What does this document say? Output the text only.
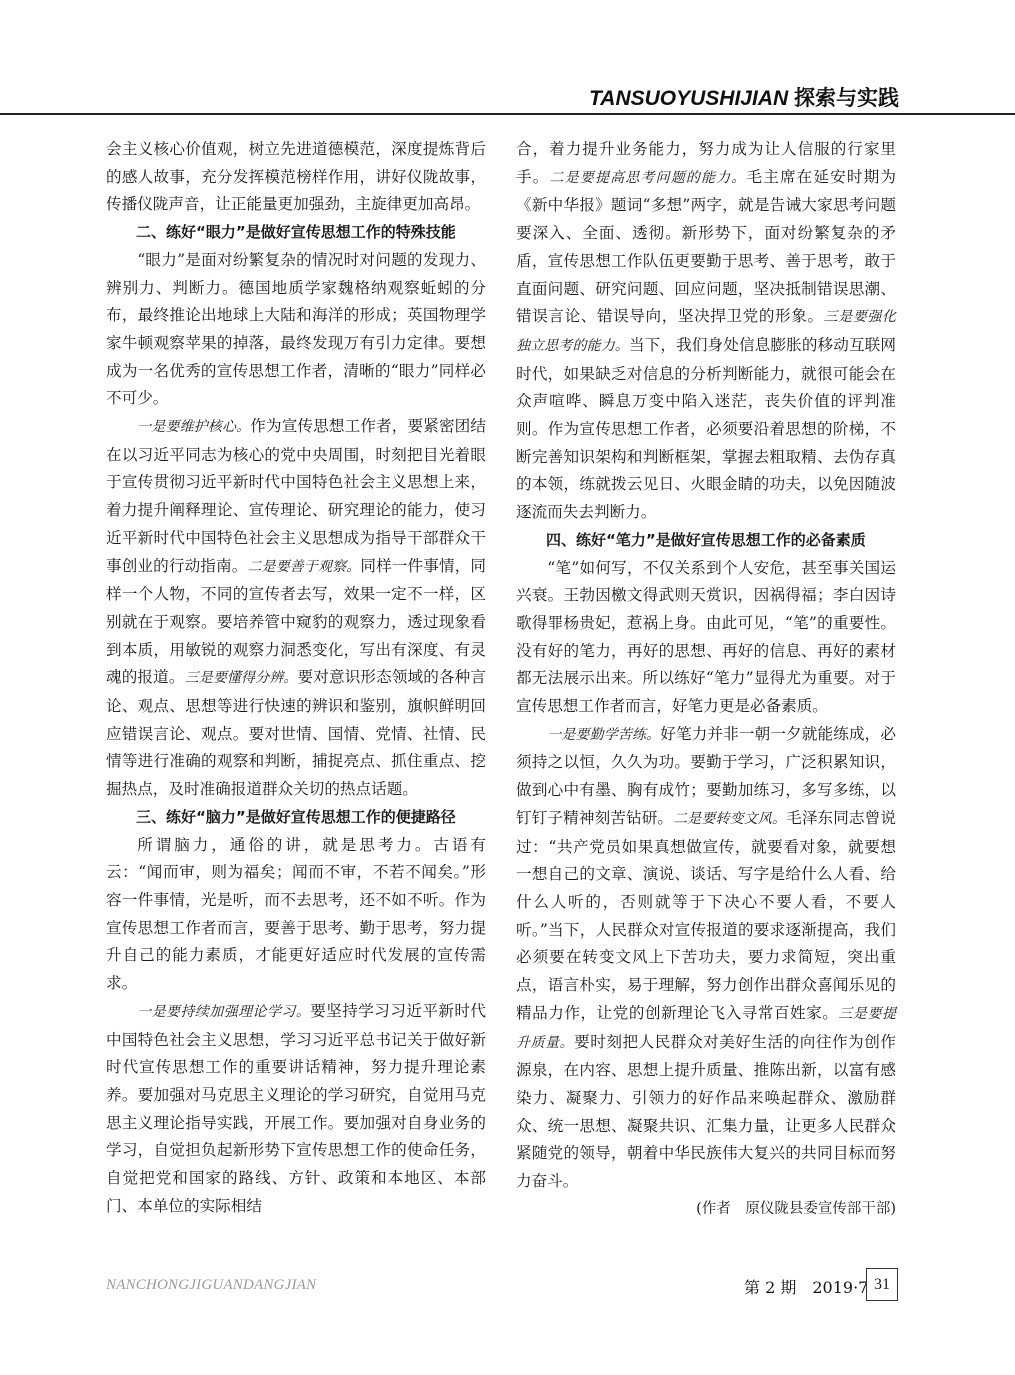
TANSUOYUSHIJIAN 探索与实践

会主义核心价值观，树立先进道德模范，深度提炼背后的感人故事，充分发挥模范榜样作用，讲好仪陇故事，传播仪陇声音，让正能量更加强劲，主旋律更加高昂。

二、练好“眼力”是做好宣传思想工作的特殊技能

“眼力”是面对纷繁复杂的情况时对问题的发现力、辨别力、判断力。德国地质学家魏格纳观察蚯蚓的分布，最终推论出地球上大陆和海洋的形成；英国物理学家牛顿观察苹果的掉落，最终发现万有引力定律。要想成为一名优秀的宣传思想工作者，清晰的“眼力”同样必不可少。

一是要维护核心。作为宣传思想工作者，要紧密团结在以习近平同志为核心的党中央周围，时刻把目光着眼于宣传贯彻习近平新时代中国特色社会主义思想上来，着力提升阐释理论、宣传理论、研究理论的能力，使习近平新时代中国特色社会主义思想成为指导干部群众干事创业的行动指南。二是要善于观察。同样一件事情，同样一个人物，不同的宣传者去写，效果一定不一样，区别就在于观察。要培养管中窥豹的观察力，透过现象看到本质，用敏锐的观察力洞悉变化，写出有深度、有灵魂的报道。三是要懂得分辨。要对意识形态领域的各种言论、观点、思想等进行快速的辨识和鉴别，旗帜鲜明回应错误言论、观点。要对世情、国情、党情、社情、民情等进行准确的观察和判断，捕捉亮点、抓住重点、挖掘热点，及时准确报道群众关切的热点话题。

三、练好“脑力”是做好宣传思想工作的便捷路径

所谓脑力，通俗的讲，就是思考力。古语有云：“闻而审，则为福矣；闻而不审，不若不闻矣。”形容一件事情，光是听，而不去思考，还不如不听。作为宣传思想工作者而言，要善于思考、勤于思考，努力提升自己的能力素质，才能更好适应时代发展的宣传需求。

一是要持续加强理论学习。要坚持学习习近平新时代中国特色社会主义思想，学习习近平总书记关于做好新时代宣传思想工作的重要讲话精神，努力提升理论素养。要加强对马克思主义理论的学习研究，自觉用马克思主义理论指导实践，开展工作。要加强对自身业务的学习，自觉担负起新形势下宣传思想工作的使命任务，自觉把党和国家的路线、方针、政策和本地区、本部门、本单位的实际相结

合，着力提升业务能力，努力成为让人信服的行家里手。二是要提高思考问题的能力。毛主席在延安时期为《新中华报》题词“多想”两字，就是告诫大家思考问题要深入、全面、透彻。新形势下，面对纷繁复杂的矛盾，宣传思想工作队伍更要勤于思考、善于思考，敢于直面问题、研究问题、回应问题，坚决抵制错误思潮、错误言论、错误导向，坚决捍卫党的形象。三是要强化独立思考的能力。当下，我们身处信息膨胀的移动互联网时代，如果缺乏对信息的分析判断能力，就很可能会在众声喧哗、瞬息万变中陷入迷茫，丧失价值的评判准则。作为宣传思想工作者，必须要沿着思想的阶梯，不断完善知识架构和判断框架，掌握去粗取精、去伪存真的本领，练就拨云见日、火眼金睛的功夫，以免因随波逐流而失去判断力。

四、练好“笔力”是做好宣传思想工作的必备素质

“笔”如何写，不仅关系到个人安危，甚至事关国运兴衰。王勃因檄文得武则天赏识，因祸得福；李白因诗歌得罪杨贵妃，惹祸上身。由此可见，“笔”的重要性。没有好的笔力，再好的思想、再好的信息、再好的素材都无法展示出来。所以练好“笔力”显得尤为重要。对于宣传思想工作者而言，好笔力更是必备素质。

一是要勤学苦练。好笔力并非一朝一夕就能练成，必须持之以恒，久久为功。要勤于学习，广泛积累知识，做到心中有墨、胸有成竹；要勤加练习，多写多练，以钉钉子精神刻苦钻研。二是要转变文风。毛泽东同志曾说过：“共产党员如果真想做宣传，就要看对象，就要想一想自己的文章、演说、谈话、写字是给什么人看、给什么人听的，否则就等于下决心不要人看，不要人听。”当下，人民群众对宣传报道的要求逐渐提高，我们必须要在转变文风上下苦功夫，要力求简短，突出重点，语言朴实，易于理解，努力创作出群众喜闻乐见的精品力作，让党的创新理论飞入寻常百姓家。三是要提升质量。要时刻把人民群众对美好生活的向往作为创作源泉，在内容、思想上提升质量、推陈出新，以富有感染力、凝聚力、引领力的好作品来唤起群众、激励群众、统一思想、凝聚共识、汇集力量，让更多人民群众紧随党的领导，朝着中华民族伟大复兴的共同目标而努力奋斗。

(作者　原仪陇县委宣传部干部)

NANCHONGJIGUANDANGJIAN	第 2 期　2019·7 31
